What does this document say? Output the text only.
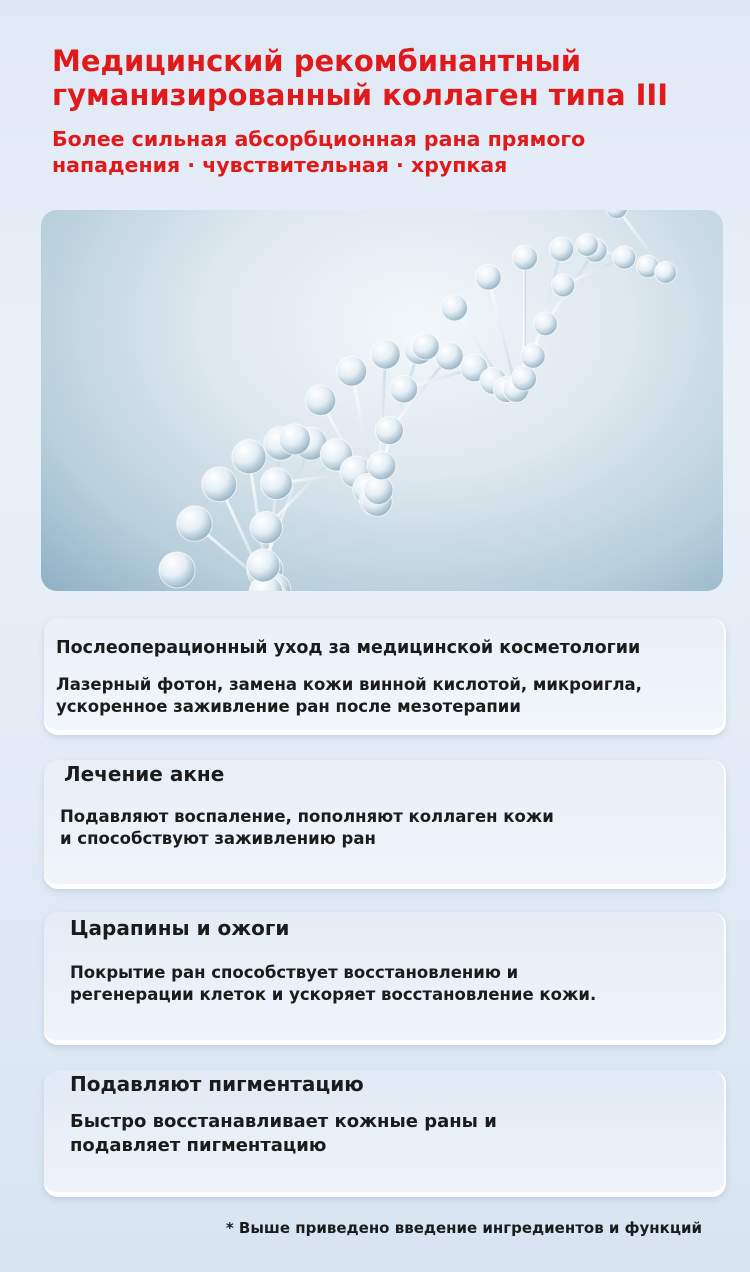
Медицинский рекомбинантный гуманизированный коллаген типа III
Более сильная абсорбционная рана прямого нападения · чувствительная · хрупкая
Послеоперационный уход за медицинской косметологии
Лазерный фотон, замена кожи винной кислотой, микроигла, ускоренное заживление ран после мезотерапии
Лечение акне
Подавляют воспаление, пополняют коллаген кожи и способствуют заживлению ран
Царапины и ожоги
Покрытие ран способствует восстановлению и регенерации клеток и ускоряет восстановление кожи.
Подавляют пигментацию
Быстро восстанавливает кожные раны и подавляет пигментацию
* Выше приведено введение ингредиентов и функций
